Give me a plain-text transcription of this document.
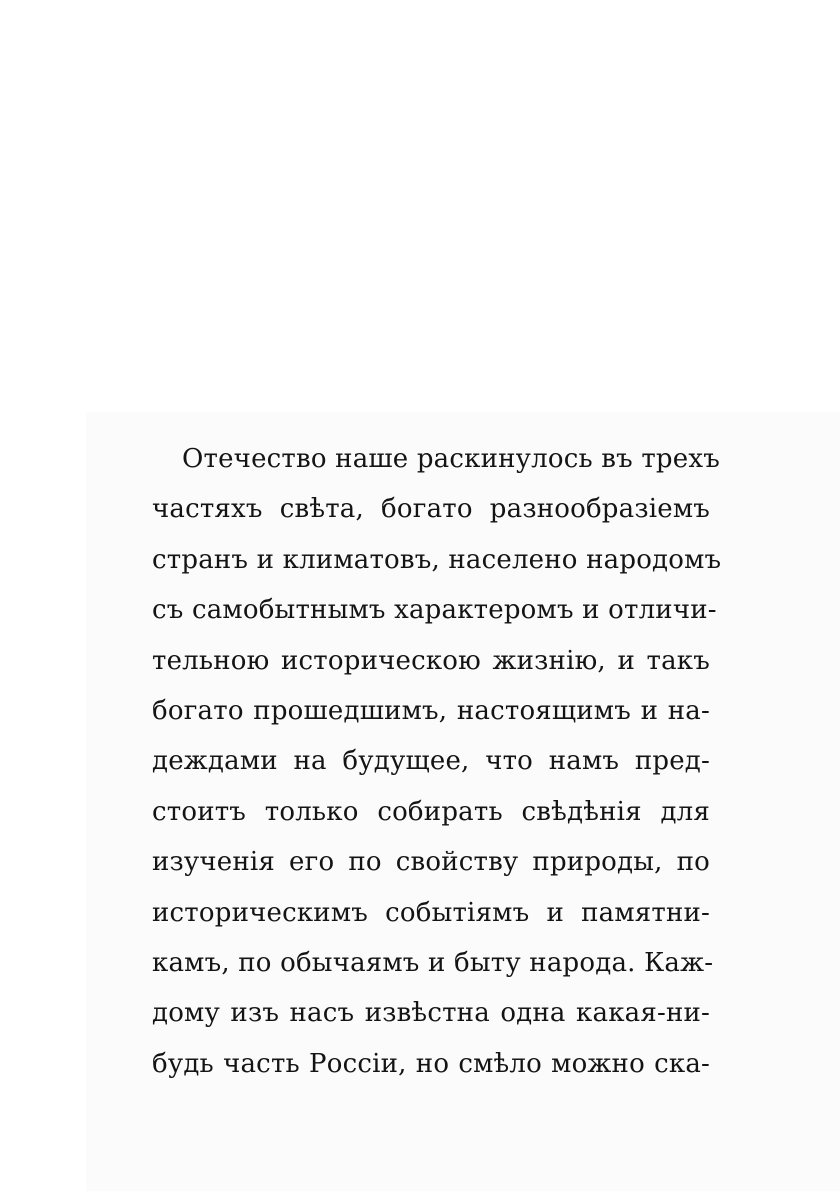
Отечество наше раскинулось въ трехъ
частяхъ свѣта, богато разнообразіемъ
странъ и климатовъ, населено народомъ
съ самобытнымъ характеромъ и отличи-
тельною историческою жизнію, и такъ
богато прошедшимъ, настоящимъ и на-
деждами на будущее, что намъ пред-
стоитъ только собирать свѣдѣнія для
изученія его по свойству природы, по
историческимъ событіямъ и памятни-
камъ, по обычаямъ и быту народа. Каж-
дому изъ насъ извѣстна одна какая-ни-
будь часть Россіи, но смѣло можно ска-
